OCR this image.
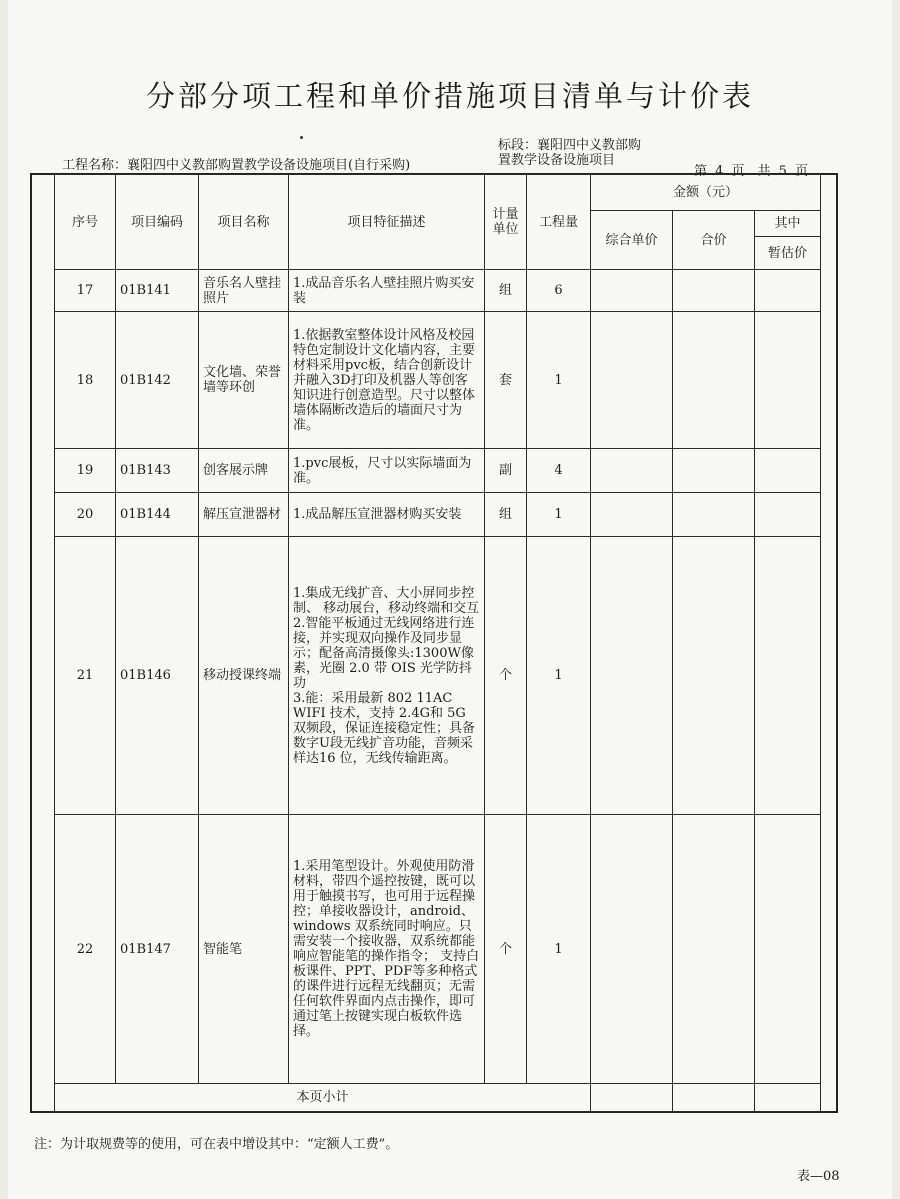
分部分项工程和单价措施项目清单与计价表
工程名称：襄阳四中义教部购置教学设备设施项目(自行采购)
标段：襄阳四中义教部购置教学设备设施项目
第 4 页　共 5 页
序号	项目编码	项目名称	项目特征描述	计量单位	工程量	金额（元）		
						综合单价	合价	其中
								暂估价
17	01B141	音乐名人壁挂照片	1.成品音乐名人壁挂照片购买安装	组	6			
18	01B142	文化墙、荣誉墙等环创	1.依据教室整体设计风格及校园特色定制设计文化墙内容，主要材料采用pvc板，结合创新设计并融入3D打印及机器人等创客知识进行创意造型。尺寸以整体墙体隔断改造后的墙面尺寸为准。	套	1			
19	01B143	创客展示牌	1.pvc展板，尺寸以实际墙面为准。	副	4			
20	01B144	解压宣泄器材	1.成品解压宣泄器材购买安装	组	1			
21	01B146	移动授课终端	1.集成无线扩音、大小屏同步控制、 移动展台，移动终端和交互
2.智能平板通过无线网络进行连接，并实现双向操作及同步显示；配备高清摄像头:1300W像素，光圈 2.0 带 OIS 光学防抖功
3.能：采用最新 802 11AC WIFI 技术，支持 2.4G和 5G 双频段，保证连接稳定性；具备数字U段无线扩音功能，音频采样达16 位，无线传输距离。	个	1			
22	01B147	智能笔	1.采用笔型设计。外观使用防滑材料，带四个遥控按键，既可以用于触摸书写，也可用于远程操控；单接收器设计，android、windows 双系统同时响应。只需安装一个接收器，双系统都能响应智能笔的操作指令； 支持白板课件、PPT、PDF等多种格式的课件进行远程无线翻页；无需任何软件界面内点击操作，即可通过笔上按键实现白板软件选择。	个	1			
本页小计								
注：为计取规费等的使用，可在表中增设其中：“定额人工费”。
表—08
